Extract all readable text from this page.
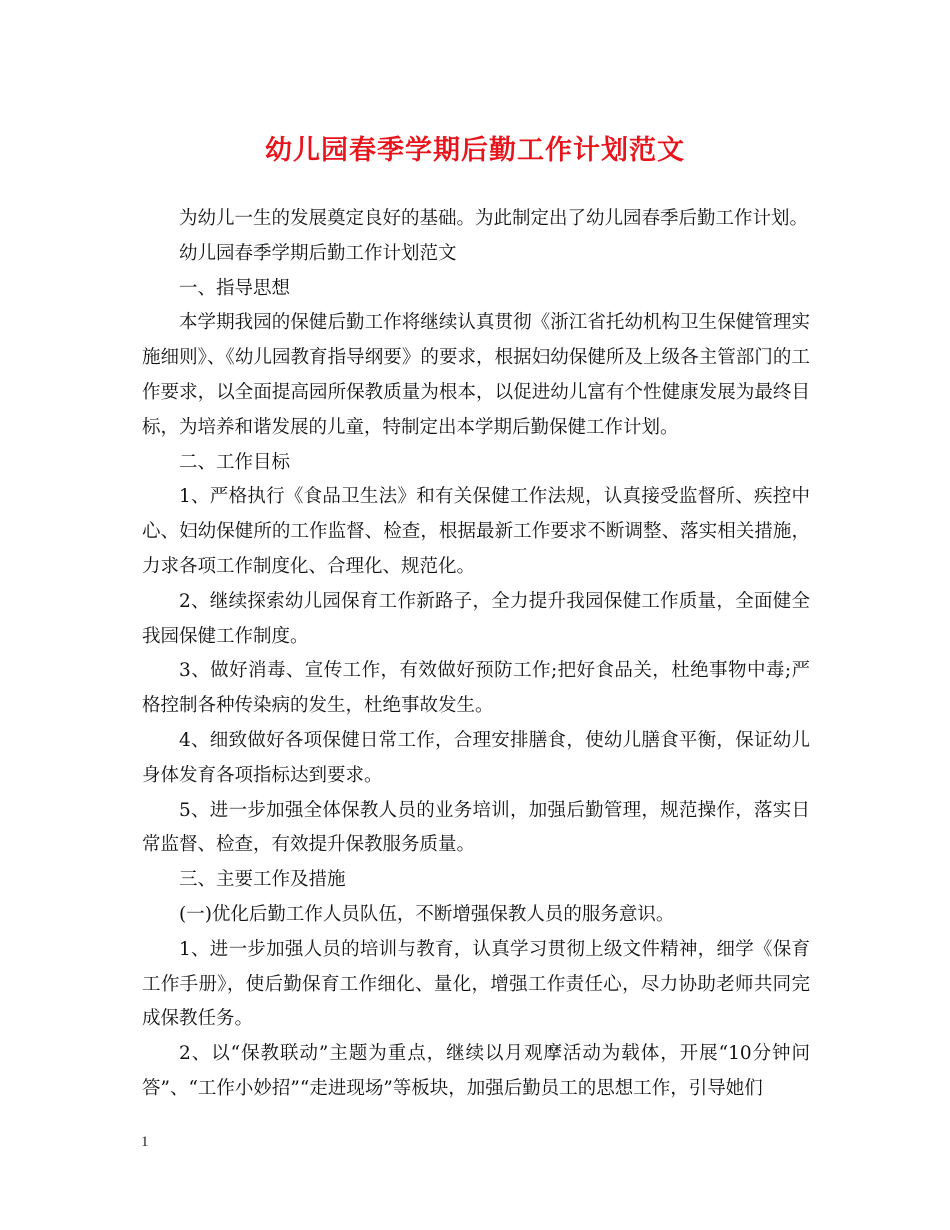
幼儿园春季学期后勤工作计划范文

为幼儿一生的发展奠定良好的基础。为此制定出了幼儿园春季后勤工作计划。

幼儿园春季学期后勤工作计划范文

一、指导思想

本学期我园的保健后勤工作将继续认真贯彻《浙江省托幼机构卫生保健管理实施细则》、《幼儿园教育指导纲要》的要求，根据妇幼保健所及上级各主管部门的工作要求，以全面提高园所保教质量为根本，以促进幼儿富有个性健康发展为最终目标，为培养和谐发展的儿童，特制定出本学期后勤保健工作计划。

二、工作目标

1、严格执行《食品卫生法》和有关保健工作法规，认真接受监督所、疾控中心、妇幼保健所的工作监督、检查，根据最新工作要求不断调整、落实相关措施，力求各项工作制度化、合理化、规范化。

2、继续探索幼儿园保育工作新路子，全力提升我园保健工作质量，全面健全我园保健工作制度。

3、做好消毒、宣传工作，有效做好预防工作;把好食品关，杜绝事物中毒;严格控制各种传染病的发生，杜绝事故发生。

4、细致做好各项保健日常工作，合理安排膳食，使幼儿膳食平衡，保证幼儿身体发育各项指标达到要求。

5、进一步加强全体保教人员的业务培训，加强后勤管理，规范操作，落实日常监督、检查，有效提升保教服务质量。

三、主要工作及措施

(一)优化后勤工作人员队伍，不断增强保教人员的服务意识。

1、进一步加强人员的培训与教育，认真学习贯彻上级文件精神，细学《保育工作手册》，使后勤保育工作细化、量化，增强工作责任心，尽力协助老师共同完成保教任务。

2、以“保教联动”主题为重点，继续以月观摩活动为载体，开展“10分钟问答”、“工作小妙招”“走进现场”等板块，加强后勤员工的思想工作，引导她们

1
